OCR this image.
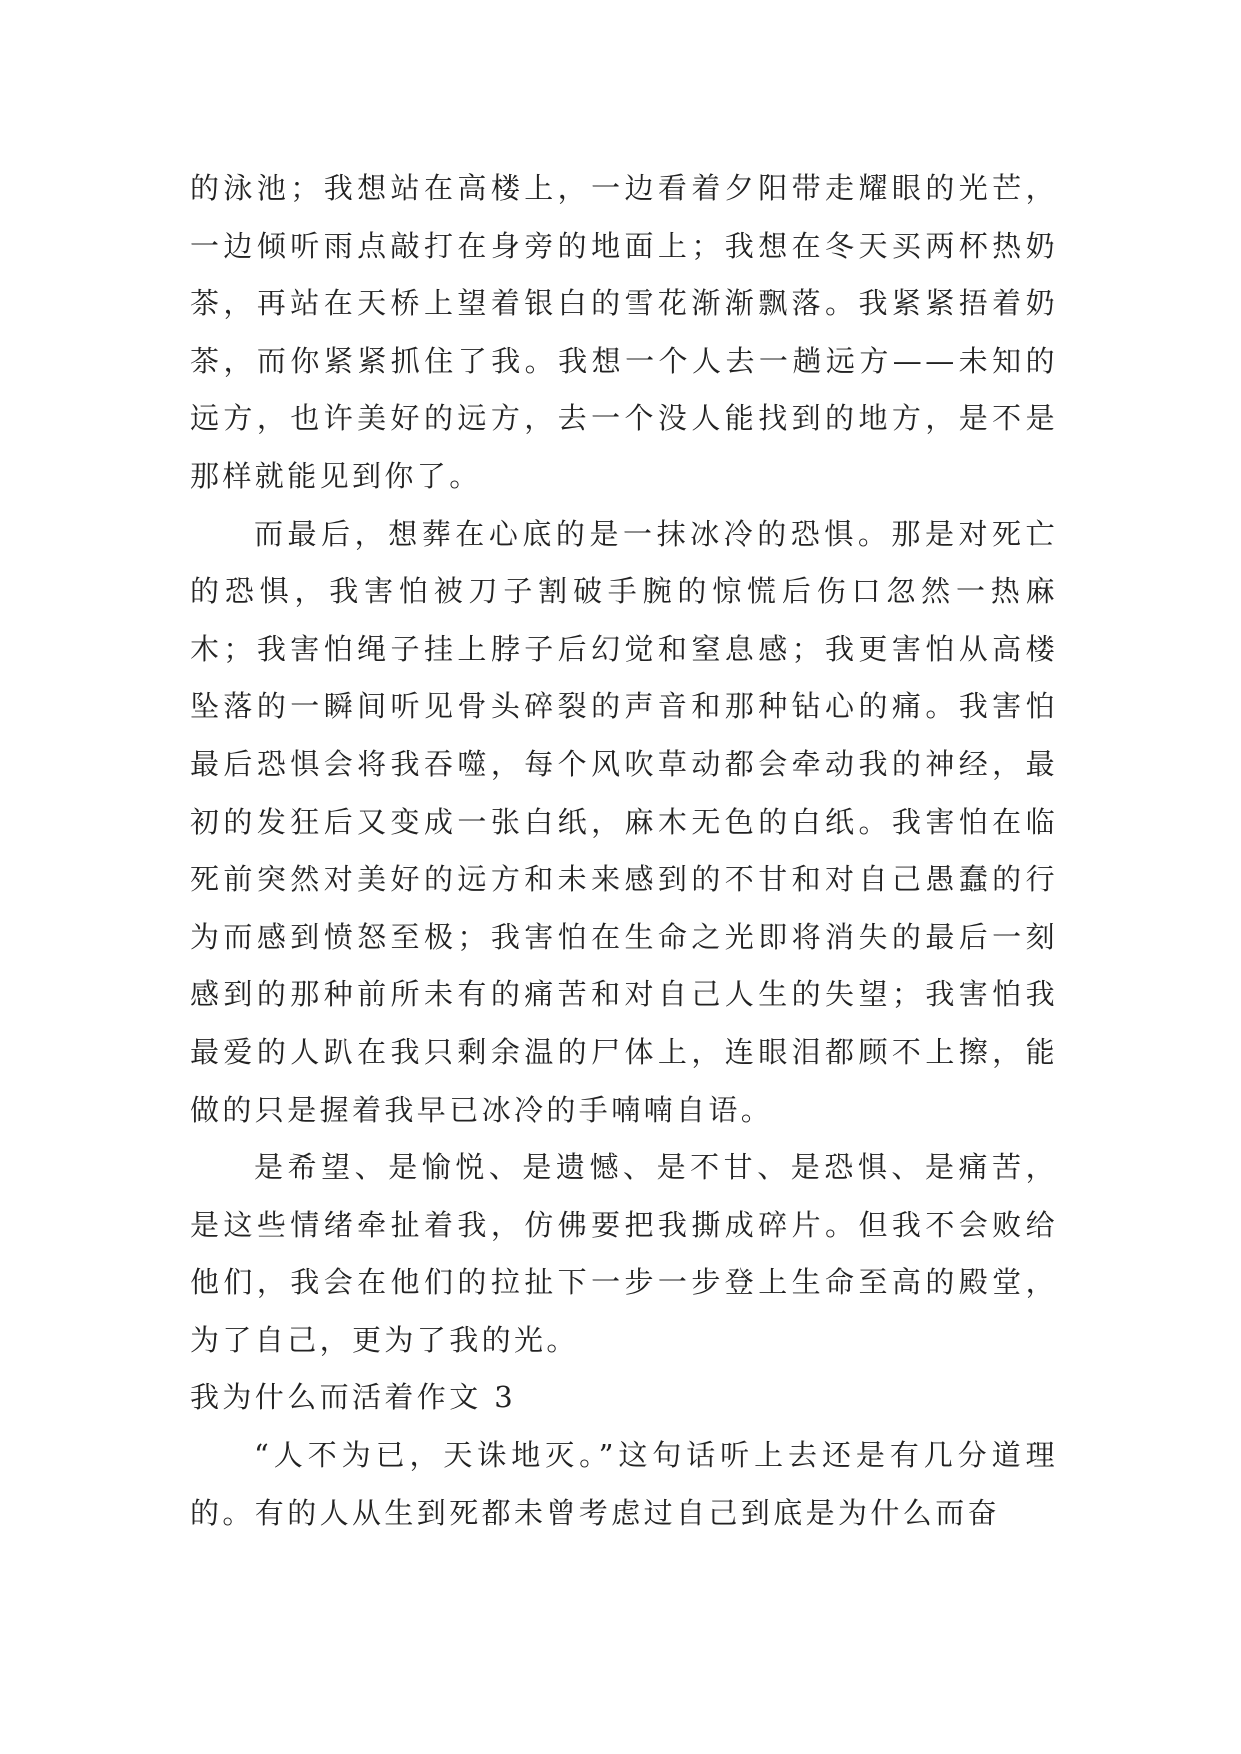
的泳池；我想站在高楼上，一边看着夕阳带走耀眼的光芒，一边倾听雨点敲打在身旁的地面上；我想在冬天买两杯热奶茶，再站在天桥上望着银白的雪花渐渐飘落。我紧紧捂着奶茶，而你紧紧抓住了我。我想一个人去一趟远方——未知的远方，也许美好的远方，去一个没人能找到的地方，是不是那样就能见到你了。

而最后，想葬在心底的是一抹冰冷的恐惧。那是对死亡的恐惧，我害怕被刀子割破手腕的惊慌后伤口忽然一热麻木；我害怕绳子挂上脖子后幻觉和窒息感；我更害怕从高楼坠落的一瞬间听见骨头碎裂的声音和那种钻心的痛。我害怕最后恐惧会将我吞噬，每个风吹草动都会牵动我的神经，最初的发狂后又变成一张白纸，麻木无色的白纸。我害怕在临死前突然对美好的远方和未来感到的不甘和对自己愚蠢的行为而感到愤怒至极；我害怕在生命之光即将消失的最后一刻感到的那种前所未有的痛苦和对自己人生的失望；我害怕我最爱的人趴在我只剩余温的尸体上，连眼泪都顾不上擦，能做的只是握着我早已冰冷的手喃喃自语。

是希望、是愉悦、是遗憾、是不甘、是恐惧、是痛苦，是这些情绪牵扯着我，仿佛要把我撕成碎片。但我不会败给他们，我会在他们的拉扯下一步一步登上生命至高的殿堂，为了自己，更为了我的光。

我为什么而活着作文 3

“人不为已，天诛地灭。”这句话听上去还是有几分道理的。有的人从生到死都未曾考虑过自己到底是为什么而奋
